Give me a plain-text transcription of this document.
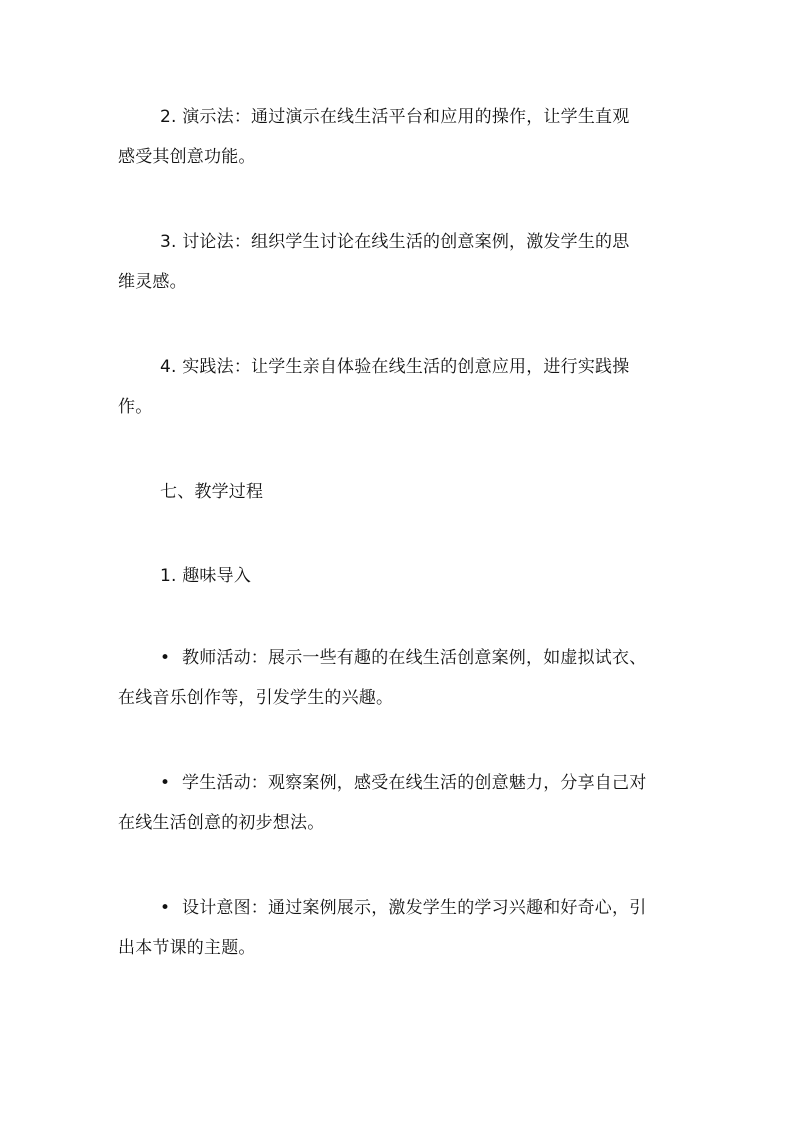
2. 演示法：通过演示在线生活平台和应用的操作，让学生直观
感受其创意功能。

3. 讨论法：组织学生讨论在线生活的创意案例，激发学生的思
维灵感。

4. 实践法：让学生亲自体验在线生活的创意应用，进行实践操
作。

七、教学过程

1. 趣味导入

• 教师活动：展示一些有趣的在线生活创意案例，如虚拟试衣、
在线音乐创作等，引发学生的兴趣。

• 学生活动：观察案例，感受在线生活的创意魅力，分享自己对
在线生活创意的初步想法。

• 设计意图：通过案例展示，激发学生的学习兴趣和好奇心，引
出本节课的主题。
